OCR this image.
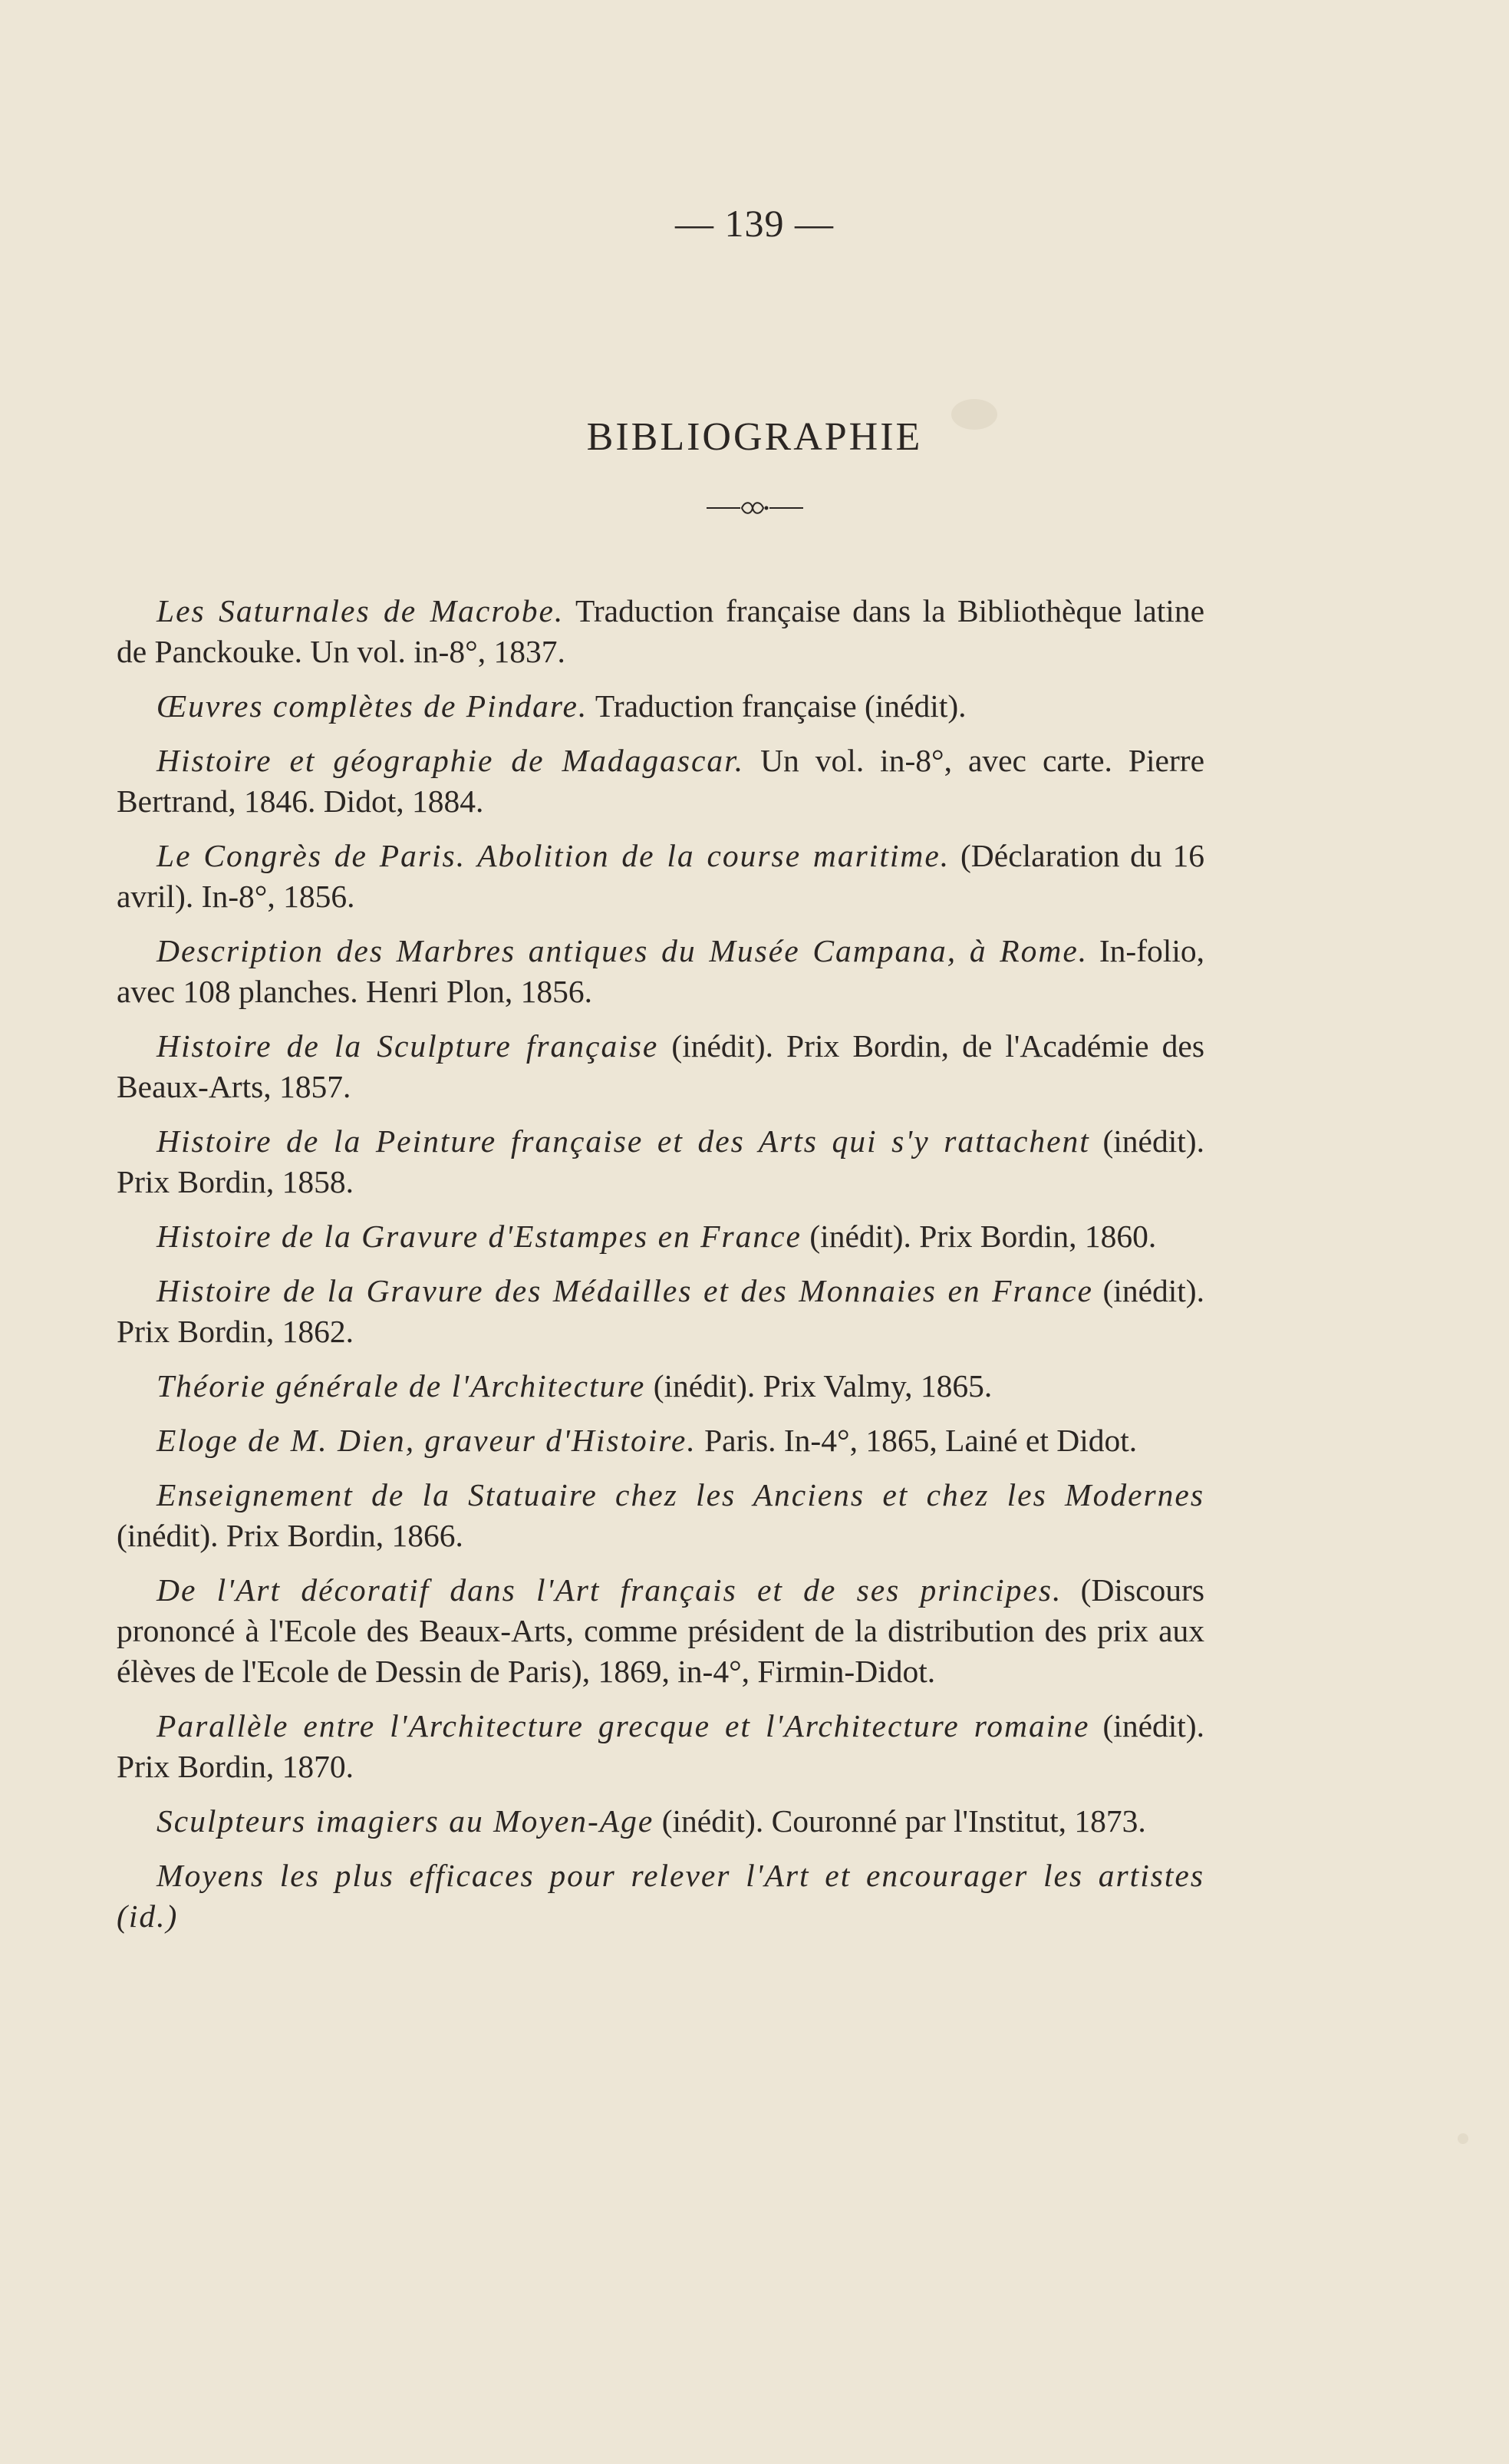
— 139 —
BIBLIOGRAPHIE

Les Saturnales de Macrobe. Traduction française dans la Bibliothèque latine de Panckouke. Un vol. in-8°, 1837.

Œuvres complètes de Pindare. Traduction française (inédit).

Histoire et géographie de Madagascar. Un vol. in-8°, avec carte. Pierre Bertrand, 1846. Didot, 1884.

Le Congrès de Paris. Abolition de la course maritime. (Déclaration du 16 avril). In-8°, 1856.

Description des Marbres antiques du Musée Campana, à Rome. In-folio, avec 108 planches. Henri Plon, 1856.

Histoire de la Sculpture française (inédit). Prix Bordin, de l'Académie des Beaux-Arts, 1857.

Histoire de la Peinture française et des Arts qui s'y rattachent (inédit). Prix Bordin, 1858.

Histoire de la Gravure d'Estampes en France (inédit). Prix Bordin, 1860.

Histoire de la Gravure des Médailles et des Monnaies en France (inédit). Prix Bordin, 1862.

Théorie générale de l'Architecture (inédit). Prix Valmy, 1865.

Eloge de M. Dien, graveur d'Histoire. Paris. In-4°, 1865, Lainé et Didot.

Enseignement de la Statuaire chez les Anciens et chez les Modernes (inédit). Prix Bordin, 1866.

De l'Art décoratif dans l'Art français et de ses principes. (Discours prononcé à l'Ecole des Beaux-Arts, comme président de la distribution des prix aux élèves de l'Ecole de Dessin de Paris), 1869, in-4°, Firmin-Didot.

Parallèle entre l'Architecture grecque et l'Architecture romaine (inédit). Prix Bordin, 1870.

Sculpteurs imagiers au Moyen-Age (inédit). Couronné par l'Institut, 1873.

Moyens les plus efficaces pour relever l'Art et encourager les artistes (id.)
